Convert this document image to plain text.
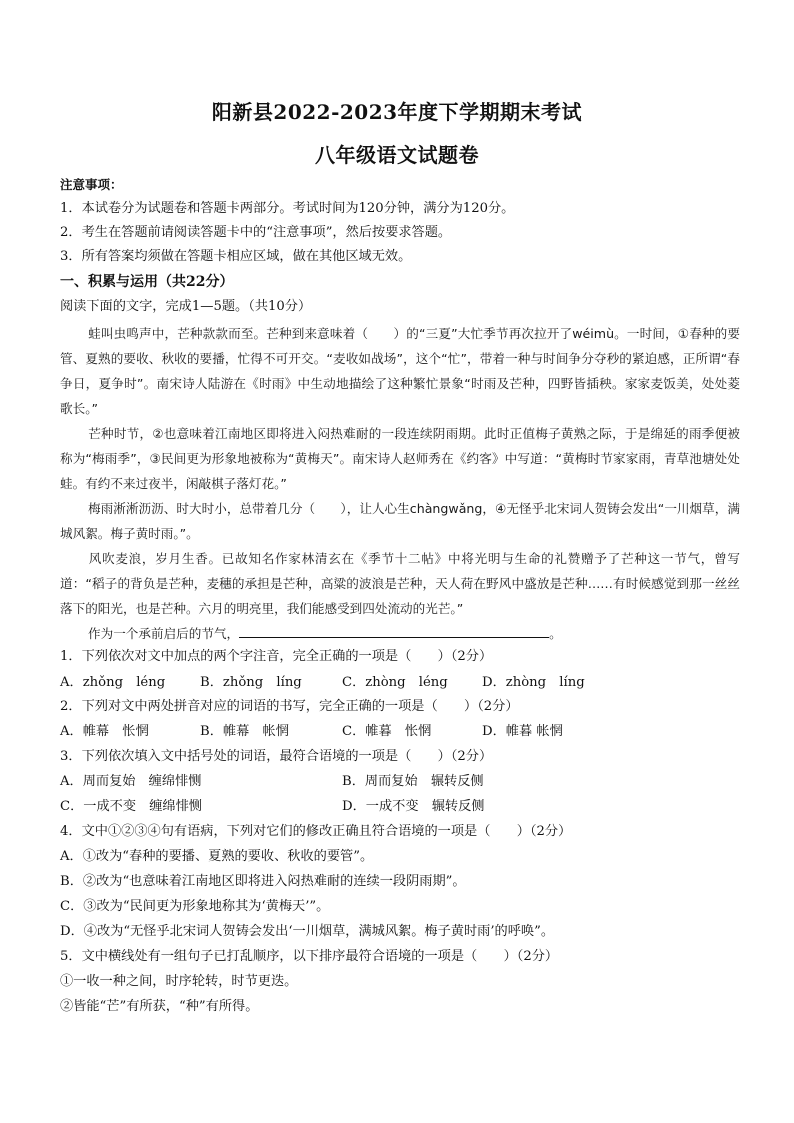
阳新县2022-2023年度下学期期末考试
八年级语文试题卷
注意事项：
1．本试卷分为试题卷和答题卡两部分。考试时间为120分钟，满分为120分。
2．考生在答题前请阅读答题卡中的“注意事项”，然后按要求答题。
3．所有答案均须做在答题卡相应区域，做在其他区域无效。
一、积累与运用（共22分）
阅读下面的文字，完成1—5题。（共10分）
蛙叫虫鸣声中，芒种款款而至。芒种到来意味着（　　）的“三夏”大忙季节再次拉开了wéimù。一时间，①春种的要管、夏熟的要收、秋收的要播，忙得不可开交。“麦收如战场”，这个“忙”，带着一种与时间争分夺秒的紧迫感，正所谓“春争日，夏争时”。南宋诗人陆游在《时雨》中生动地描绘了这种繁忙景象“时雨及芒种，四野皆插秧。家家麦饭美，处处菱歌长。”
芒种时节，②也意味着江南地区即将进入闷热难耐的一段连续阴雨期。此时正值梅子黄熟之际，于是绵延的雨季便被称为“梅雨季”，③民间更为形象地被称为“黄梅天”。南宋诗人赵师秀在《约客》中写道：“黄梅时节家家雨，青草池塘处处蛙。有约不来过夜半，闲敲棋子落灯花。”
梅雨淅淅沥沥、时大时小，总带着几分（　　），让人心生chàngwǎng，④无怪乎北宋词人贺铸会发出“一川烟草，满城风絮。梅子黄时雨。”。
风吹麦浪，岁月生香。已故知名作家林清玄在《季节十二帖》中将光明与生命的礼赞赠予了芒种这一节气，曾写道：“稻子的背负是芒种，麦穗的承担是芒种，高粱的波浪是芒种，天人荷在野风中盛放是芒种……有时候感觉到那一丝丝落下的阳光，也是芒种。六月的明亮里，我们能感受到四处流动的光芒。”
作为一个承前启后的节气，	。
1．下列依次对文中加点的两个字注音，完全正确的一项是（　　）（2分）
A．zhǒng　léng	B．zhǒng　líng	C．zhòng　léng	D．zhòng　líng
2．下列对文中两处拼音对应的词语的书写，完全正确的一项是（　　）（2分）
A．帷幕　怅惘	B．帷幕　帐惘	C．帷暮　怅惘	D．帷暮 帐惘
3．下列依次填入文中括号处的词语，最符合语境的一项是（　　）（2分）
A．周而复始　缠绵悱恻	B．周而复始　辗转反侧
C．一成不变　缠绵悱恻	D．一成不变　辗转反侧
4．文中①②③④句有语病，下列对它们的修改正确且符合语境的一项是（　　）（2分）
A．①改为“春种的要播、夏熟的要收、秋收的要管”。
B．②改为“也意味着江南地区即将进入闷热难耐的连续一段阴雨期”。
C．③改为“民间更为形象地称其为‘黄梅天’”。
D．④改为“无怪乎北宋词人贺铸会发出‘一川烟草，满城风絮。梅子黄时雨’的呼唤”。
5．文中横线处有一组句子已打乱顺序，以下排序最符合语境的一项是（　　）（2分）
①一收一种之间，时序轮转，时节更迭。
②皆能“芒”有所获，“种”有所得。
